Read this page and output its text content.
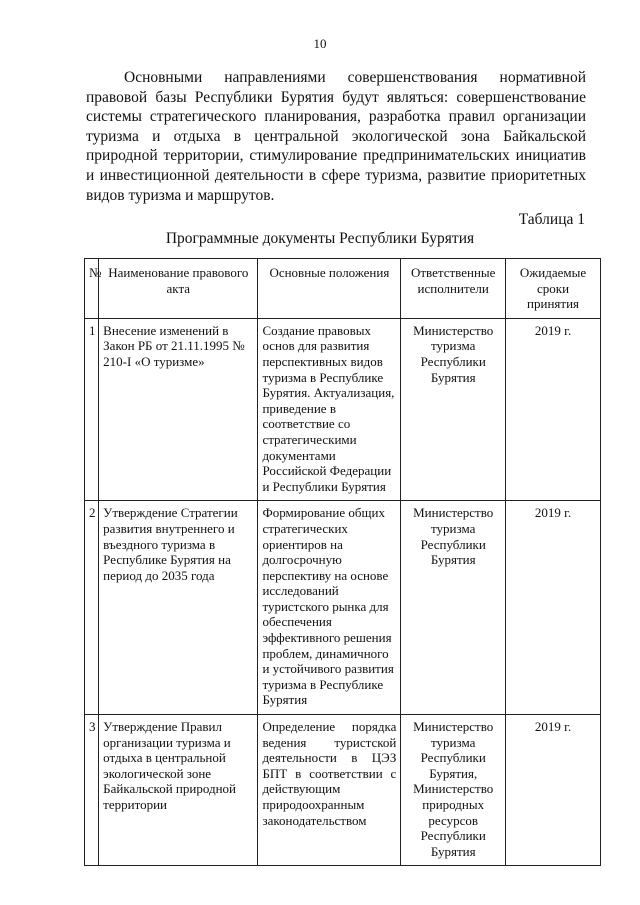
10

Основными направлениями совершенствования нормативной правовой базы Республики Бурятия будут являться: совершенствование системы стратегического планирования, разработка правил организации туризма и отдыха в центральной экологической зона Байкальской природной территории, стимулирование предпринимательских инициатив и инвестиционной деятельности в сфере туризма, развитие приоритетных видов туризма и маршрутов.

Таблица 1
Программные документы Республики Бурятия
№	Наименование правового акта	Основные положения	Ответственные исполнители	Ожидаемые сроки принятия
1	Внесение изменений в Закон РБ от 21.11.1995 № 210-I «О туризме»	Создание правовых основ для развития перспективных видов туризма в Республике Бурятия. Актуализация, приведение в соответствие со стратегическими документами Российской Федерации и Республики Бурятия	Министерство туризма Республики Бурятия	2019 г.
2	Утверждение Стратегии развития внутреннего и въездного туризма в Республике Бурятия на период до 2035 года	Формирование общих стратегических ориентиров на долгосрочную перспективу на основе исследований туристского рынка для обеспечения эффективного решения проблем, динамичного и устойчивого развития туризма в Республике Бурятия	Министерство туризма Республики Бурятия	2019 г.
3	Утверждение Правил организации туризма и отдыха в центральной экологической зоне Байкальской природной территории	Определение порядка ведения туристской деятельности в ЦЭЗ БПТ в соответствии с действующим природоохранным законодательством	Министерство туризма Республики Бурятия, Министерство природных ресурсов Республики Бурятия	2019 г.
